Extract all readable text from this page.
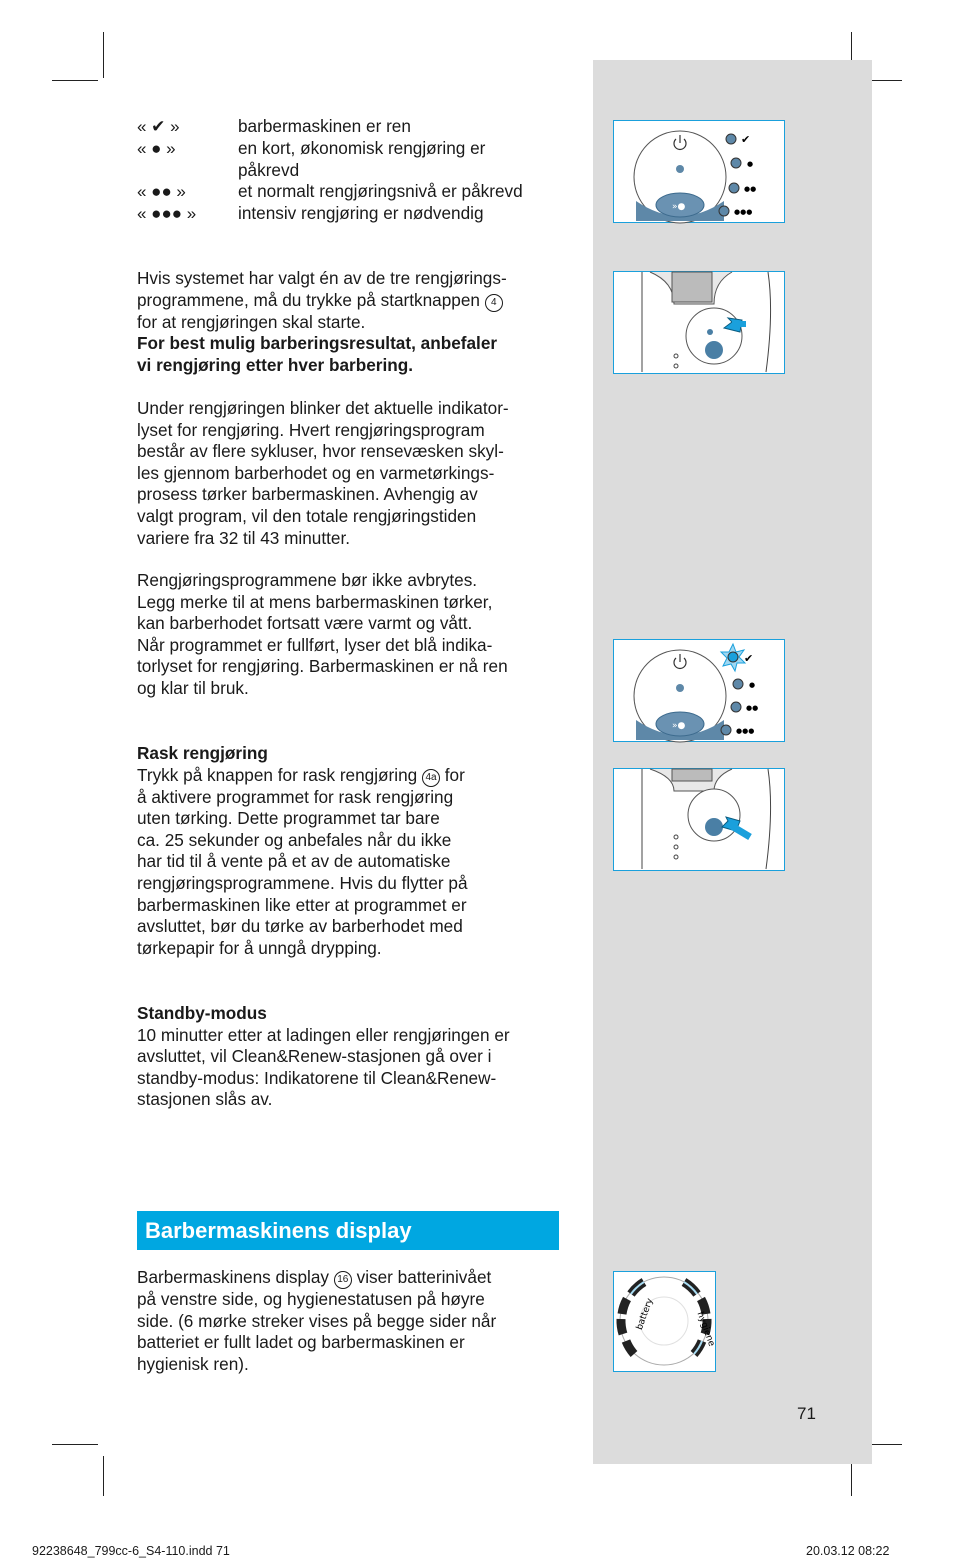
« ✔ »	barbermaskinen er ren
« ● »	en kort, økonomisk rengjøring er
påkrevd
« ●● »	et normalt rengjøringsnivå er påkrevd
« ●●● » intensiv rengjøring er nødvendig
Hvis systemet har valgt én av de tre rengjørings-
programmene, må du trykke på startknappen 4
for at rengjøringen skal starte.
For best mulig barberingsresultat, anbefaler
vi rengjøring etter hver barbering.
Under rengjøringen blinker det aktuelle indikator-
lyset for rengjøring. Hvert rengjøringsprogram
består av flere sykluser, hvor rensevæsken skyl-
les gjennom barberhodet og en varmetørkings-
prosess tørker barbermaskinen. Avhengig av
valgt program, vil den totale rengjøringstiden
variere fra 32 til 43 minutter.
Rengjøringsprogrammene bør ikke avbrytes.
Legg merke til at mens barbermaskinen tørker,
kan barberhodet fortsatt være varmt og vått.
Når programmet er fullført, lyser det blå indika-
torlyset for rengjøring. Barbermaskinen er nå ren
og klar til bruk.
Rask rengjøring
Trykk på knappen for rask rengjøring 4a for
å aktivere programmet for rask rengjøring
uten tørking. Dette programmet tar bare
ca. 25 sekunder og anbefales når du ikke
har tid til å vente på et av de automatiske
rengjøringsprogrammene. Hvis du flytter på
barbermaskinen like etter at programmet er
avsluttet, bør du tørke av barberhodet med
tørkepapir for å unngå drypping.
Standby-modus
10 minutter etter at ladingen eller rengjøringen er
avsluttet, vil Clean&Renew-stasjonen gå over i
standby-modus: Indikatorene til Clean&Renew-
stasjonen slås av.
Barbermaskinens display
Barbermaskinens display 16 viser batterinivået
på venstre side, og hygienestatusen på høyre
side. (6 mørke streker vises på begge sider når
batteriet er fullt ladet og barbermaskinen er
hygienisk ren).
»●
✔
●
●●
●●●
»●
✔
●
●●
●●●
battery	hygiene
71
92238648_799cc-6_S4-110.indd 71	20.03.12 08:22
